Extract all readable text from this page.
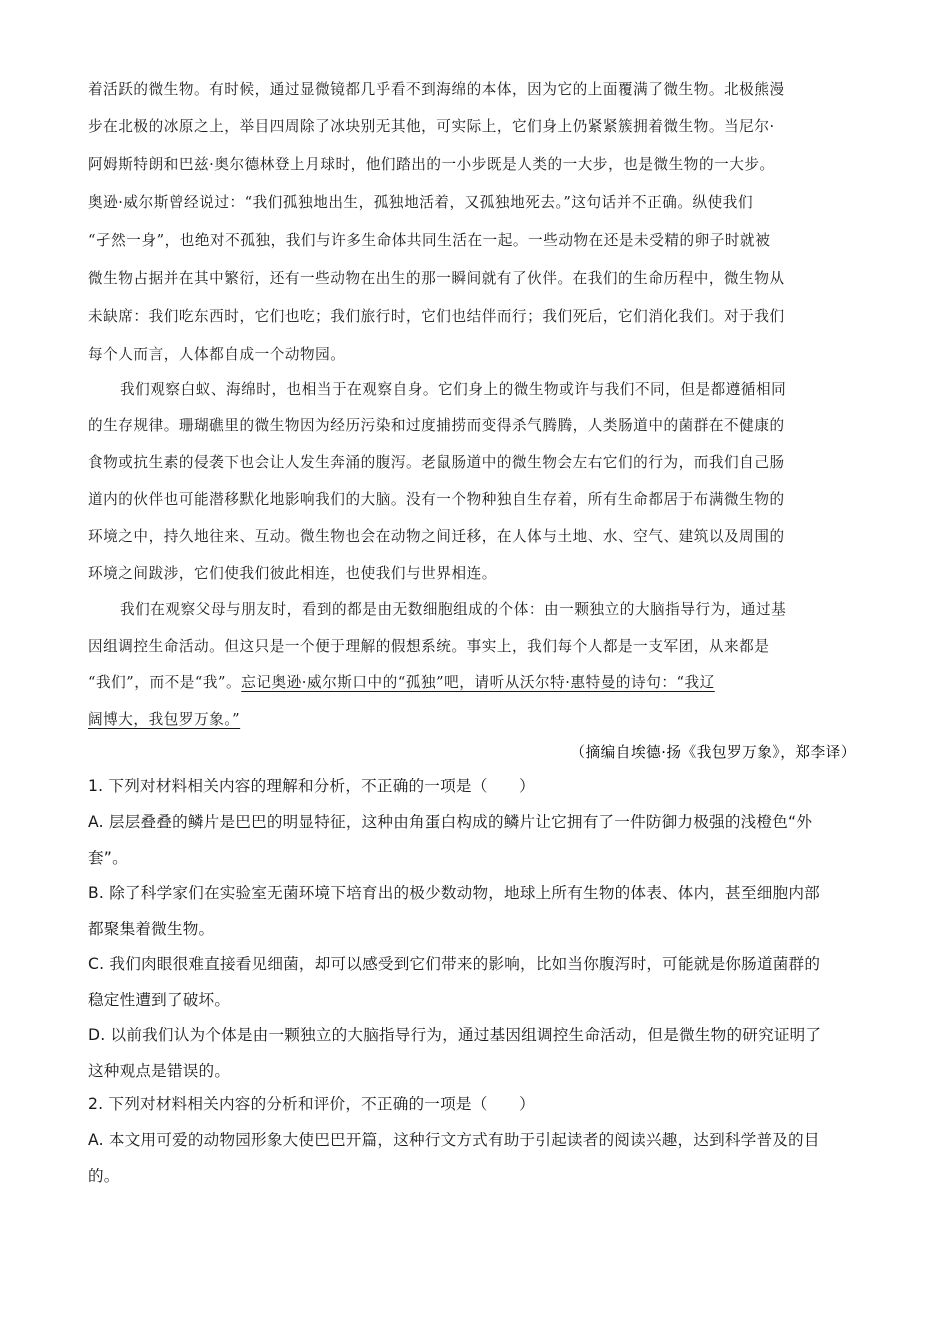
着活跃的微生物。有时候，通过显微镜都几乎看不到海绵的本体，因为它的上面覆满了微生物。北极熊漫
步在北极的冰原之上，举目四周除了冰块别无其他，可实际上，它们身上仍紧紧簇拥着微生物。当尼尔·
阿姆斯特朗和巴兹·奥尔德林登上月球时，他们踏出的一小步既是人类的一大步，也是微生物的一大步。
奥逊·威尔斯曾经说过：“我们孤独地出生，孤独地活着，又孤独地死去。”这句话并不正确。纵使我们
“孑然一身”，也绝对不孤独，我们与许多生命体共同生活在一起。一些动物在还是未受精的卵子时就被
微生物占据并在其中繁衍，还有一些动物在出生的那一瞬间就有了伙伴。在我们的生命历程中，微生物从
未缺席：我们吃东西时，它们也吃；我们旅行时，它们也结伴而行；我们死后，它们消化我们。对于我们
每个人而言，人体都自成一个动物园。
我们观察白蚁、海绵时，也相当于在观察自身。它们身上的微生物或许与我们不同，但是都遵循相同
的生存规律。珊瑚礁里的微生物因为经历污染和过度捕捞而变得杀气腾腾，人类肠道中的菌群在不健康的
食物或抗生素的侵袭下也会让人发生奔涌的腹泻。老鼠肠道中的微生物会左右它们的行为，而我们自己肠
道内的伙伴也可能潜移默化地影响我们的大脑。没有一个物种独自生存着，所有生命都居于布满微生物的
环境之中，持久地往来、互动。微生物也会在动物之间迁移，在人体与土地、水、空气、建筑以及周围的
环境之间跋涉，它们使我们彼此相连，也使我们与世界相连。
我们在观察父母与朋友时，看到的都是由无数细胞组成的个体：由一颗独立的大脑指导行为，通过基
因组调控生命活动。但这只是一个便于理解的假想系统。事实上，我们每个人都是一支军团，从来都是
“我们”，而不是“我”。忘记奥逊·威尔斯口中的“孤独”吧，请听从沃尔特·惠特曼的诗句：“我辽
阔博大，我包罗万象。”
（摘编自埃德·扬《我包罗万象》，郑李译）
1. 下列对材料相关内容的理解和分析，不正确的一项是（　　）
A. 层层叠叠的鳞片是巴巴的明显特征，这种由角蛋白构成的鳞片让它拥有了一件防御力极强的浅橙色“外
套”。
B. 除了科学家们在实验室无菌环境下培育出的极少数动物，地球上所有生物的体表、体内，甚至细胞内部
都聚集着微生物。
C. 我们肉眼很难直接看见细菌，却可以感受到它们带来的影响，比如当你腹泻时，可能就是你肠道菌群的
稳定性遭到了破坏。
D. 以前我们认为个体是由一颗独立的大脑指导行为，通过基因组调控生命活动，但是微生物的研究证明了
这种观点是错误的。
2. 下列对材料相关内容的分析和评价，不正确的一项是（　　）
A. 本文用可爱的动物园形象大使巴巴开篇，这种行文方式有助于引起读者的阅读兴趣，达到科学普及的目
的。
